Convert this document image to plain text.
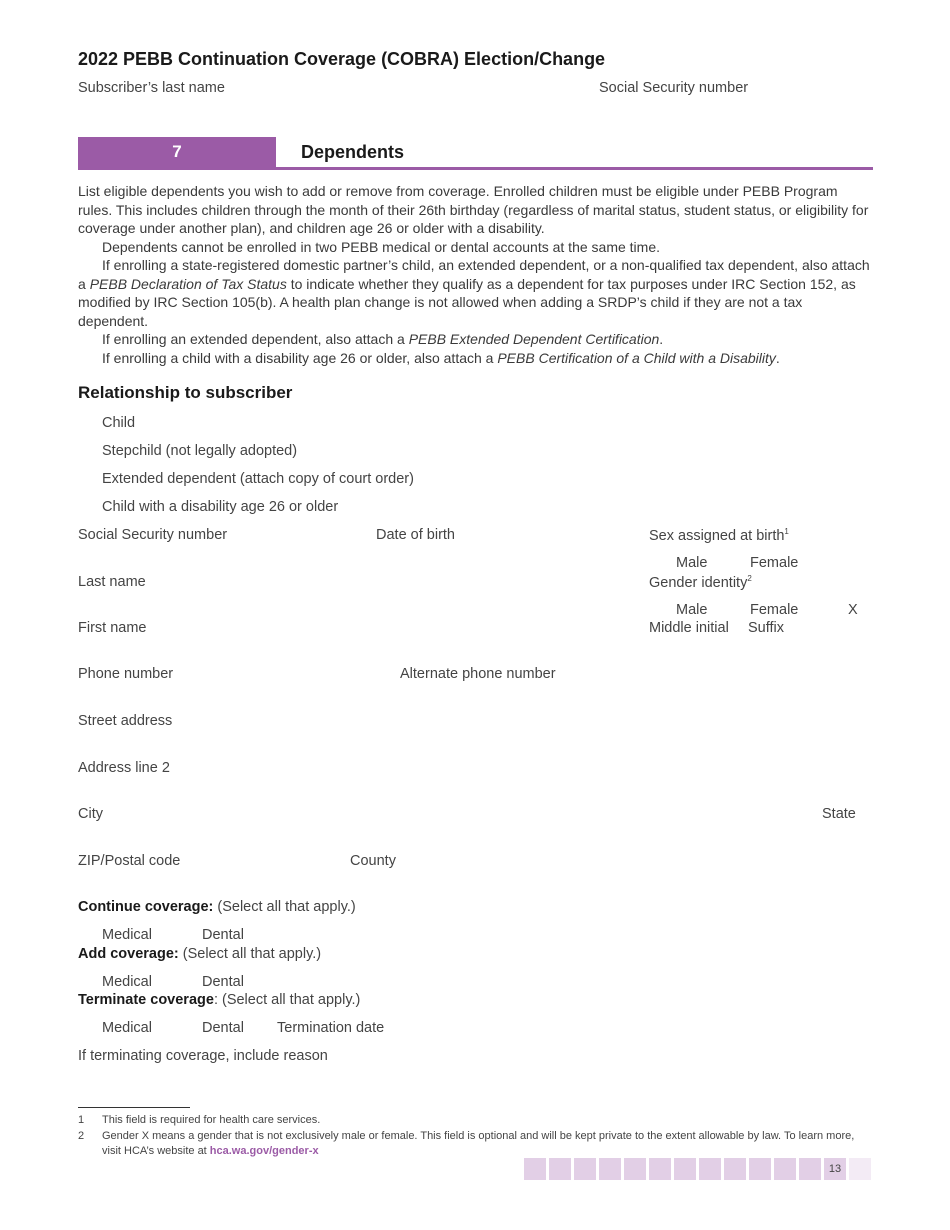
2022 PEBB Continuation Coverage (COBRA) Election/Change
Subscriber’s last name	Social Security number
7	Dependents

List eligible dependents you wish to add or remove from coverage. Enrolled children must be eligible under PEBB Program rules. This includes children through the month of their 26th birthday (regardless of marital status, student status, or eligibility for coverage under another plan), and children age 26 or older with a disability.

Dependents cannot be enrolled in two PEBB medical or dental accounts at the same time.

If enrolling a state-registered domestic partner’s child, an extended dependent, or a non-qualified tax dependent, also attach a PEBB Declaration of Tax Status to indicate whether they qualify as a dependent for tax purposes under IRC Section 152, as modified by IRC Section 105(b). A health plan change is not allowed when adding a SRDP’s child if they are not a tax dependent.

If enrolling an extended dependent, also attach a PEBB Extended Dependent Certification.

If enrolling a child with a disability age 26 or older, also attach a PEBB Certification of a Child with a Disability.

Relationship to subscriber
Child
Stepchild (not legally adopted)
Extended dependent (attach copy of court order)
Child with a disability age 26 or older
Social Security number	Date of birth	Sex assigned at birth$^1$
Male	Female
Last name	Gender identity$^2$
Male	Female	X
First name	Middle initial Suffix
Phone number	Alternate phone number
Street address
Address line 2
City	State
ZIP/Postal code	County
Continue coverage: (Select all that apply.)
Medical	Dental
Add coverage: (Select all that apply.)
Medical	Dental
Terminate coverage: (Select all that apply.)
Medical	Dental Termination date
If terminating coverage, include reason
1 This field is required for health care services.
2 Gender X means a gender that is not exclusively male or female. This field is optional and will be kept private to the extent allowable by law. To learn more, visit HCA’s website at hca.wa.gov/gender-x
13
